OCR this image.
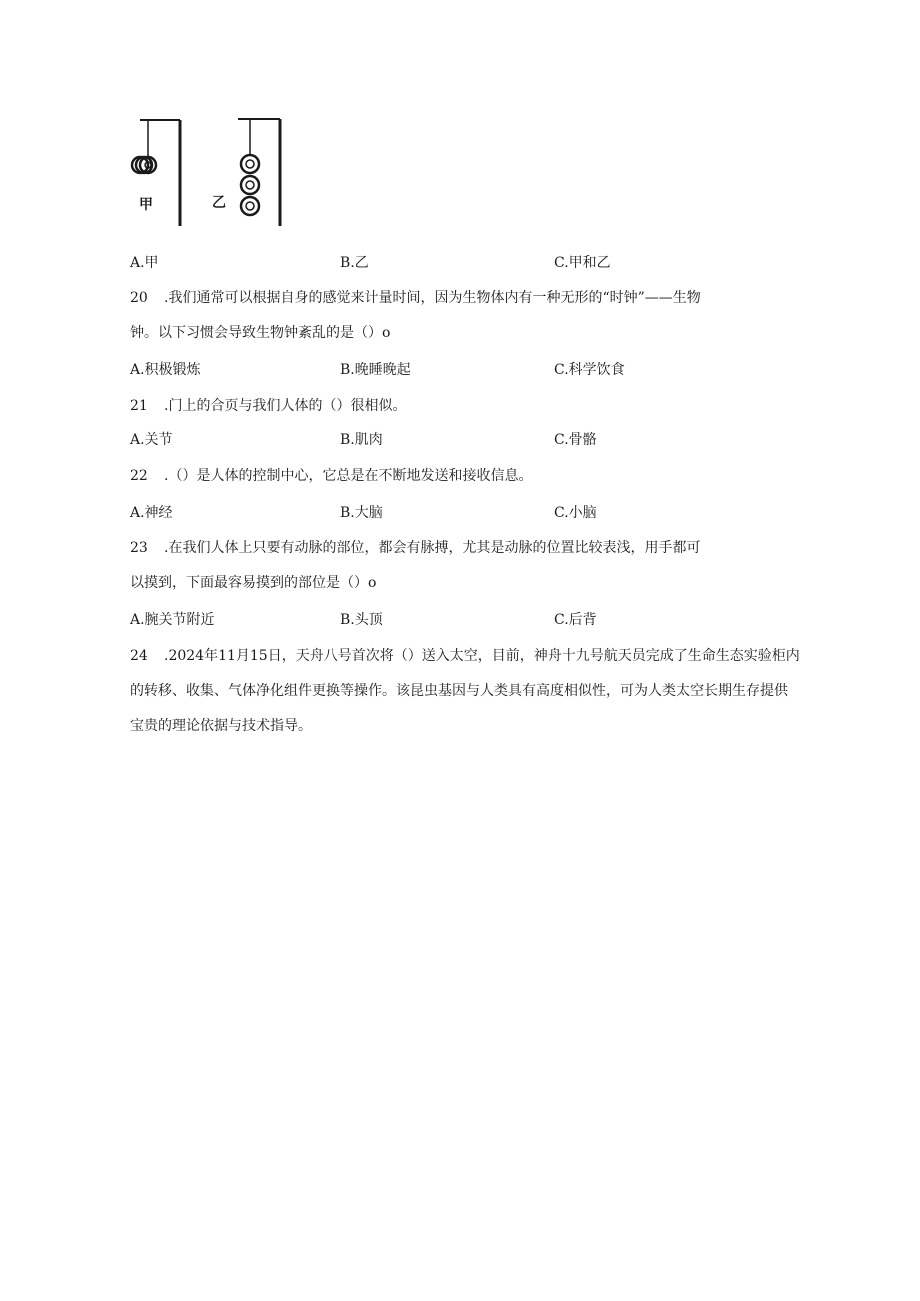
甲	乙
A.甲	B.乙	C.甲和乙
20 .我们通常可以根据自身的感觉来计量时间，因为生物体内有一种无形的“时钟”——生物
钟。以下习惯会导致生物钟紊乱的是（）o
A.积极锻炼	B.晚睡晚起	C.科学饮食
21 .门上的合页与我们人体的（）很相似。
A.关节	B.肌肉	C.骨骼
22 .（）是人体的控制中心，它总是在不断地发送和接收信息。
A.神经	B.大脑	C.小脑
23 .在我们人体上只要有动脉的部位，都会有脉搏，尤其是动脉的位置比较表浅，用手都可
以摸到，下面最容易摸到的部位是（）o
A.腕关节附近	B.头顶	C.后背
24 .2024年11月15日，天舟八号首次将（）送入太空，目前，神舟十九号航天员完成了生命生态实验柜内
的转移、收集、气体净化组件更换等操作。该昆虫基因与人类具有高度相似性，可为人类太空长期生存提供
宝贵的理论依据与技术指导。
